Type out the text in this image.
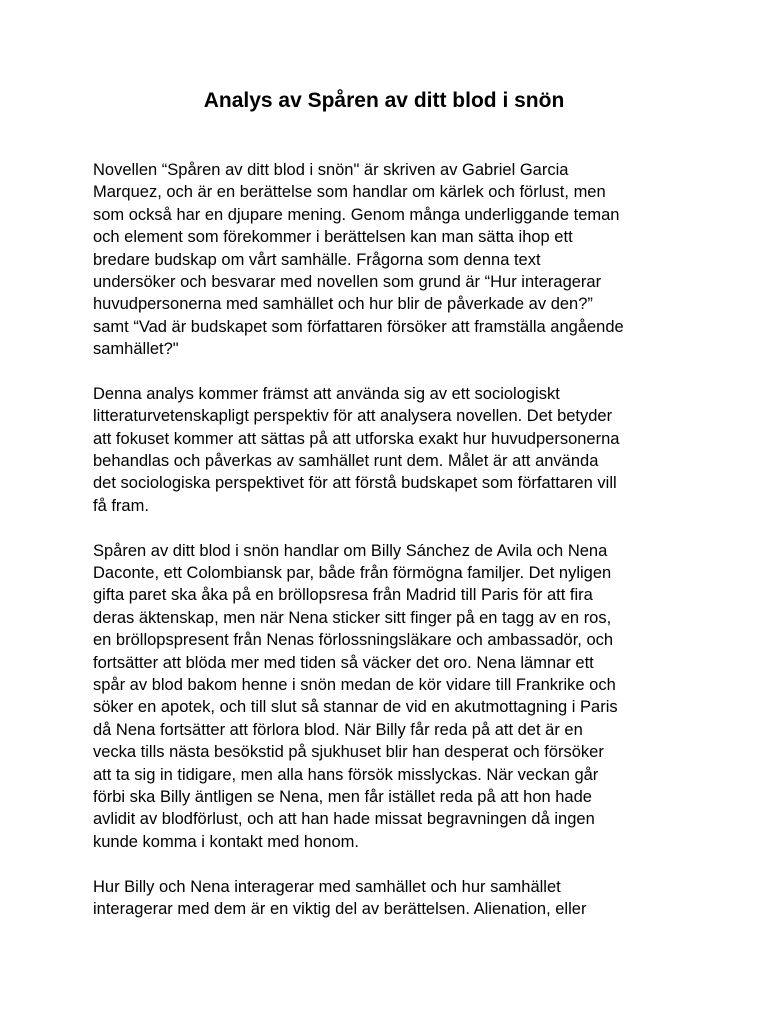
Analys av Spåren av ditt blod i snön
Novellen “Spåren av ditt blod i snön" är skriven av Gabriel Garcia
Marquez, och är en berättelse som handlar om kärlek och förlust, men
som också har en djupare mening. Genom många underliggande teman
och element som förekommer i berättelsen kan man sätta ihop ett
bredare budskap om vårt samhälle. Frågorna som denna text
undersöker och besvarar med novellen som grund är “Hur interagerar
huvudpersonerna med samhället och hur blir de påverkade av den?”
samt “Vad är budskapet som författaren försöker att framställa angående
samhället?"
Denna analys kommer främst att använda sig av ett sociologiskt
litteraturvetenskapligt perspektiv för att analysera novellen. Det betyder
att fokuset kommer att sättas på att utforska exakt hur huvudpersonerna
behandlas och påverkas av samhället runt dem. Målet är att använda
det sociologiska perspektivet för att förstå budskapet som författaren vill
få fram.
Spåren av ditt blod i snön handlar om Billy Sánchez de Avila och Nena
Daconte, ett Colombiansk par, både från förmögna familjer. Det nyligen
gifta paret ska åka på en bröllopsresa från Madrid till Paris för att fira
deras äktenskap, men när Nena sticker sitt finger på en tagg av en ros,
en bröllopspresent från Nenas förlossningsläkare och ambassadör, och
fortsätter att blöda mer med tiden så väcker det oro. Nena lämnar ett
spår av blod bakom henne i snön medan de kör vidare till Frankrike och
söker en apotek, och till slut så stannar de vid en akutmottagning i Paris
då Nena fortsätter att förlora blod. När Billy får reda på att det är en
vecka tills nästa besökstid på sjukhuset blir han desperat och försöker
att ta sig in tidigare, men alla hans försök misslyckas. När veckan går
förbi ska Billy äntligen se Nena, men får istället reda på att hon hade
avlidit av blodförlust, och att han hade missat begravningen då ingen
kunde komma i kontakt med honom.
Hur Billy och Nena interagerar med samhället och hur samhället
interagerar med dem är en viktig del av berättelsen. Alienation, eller
